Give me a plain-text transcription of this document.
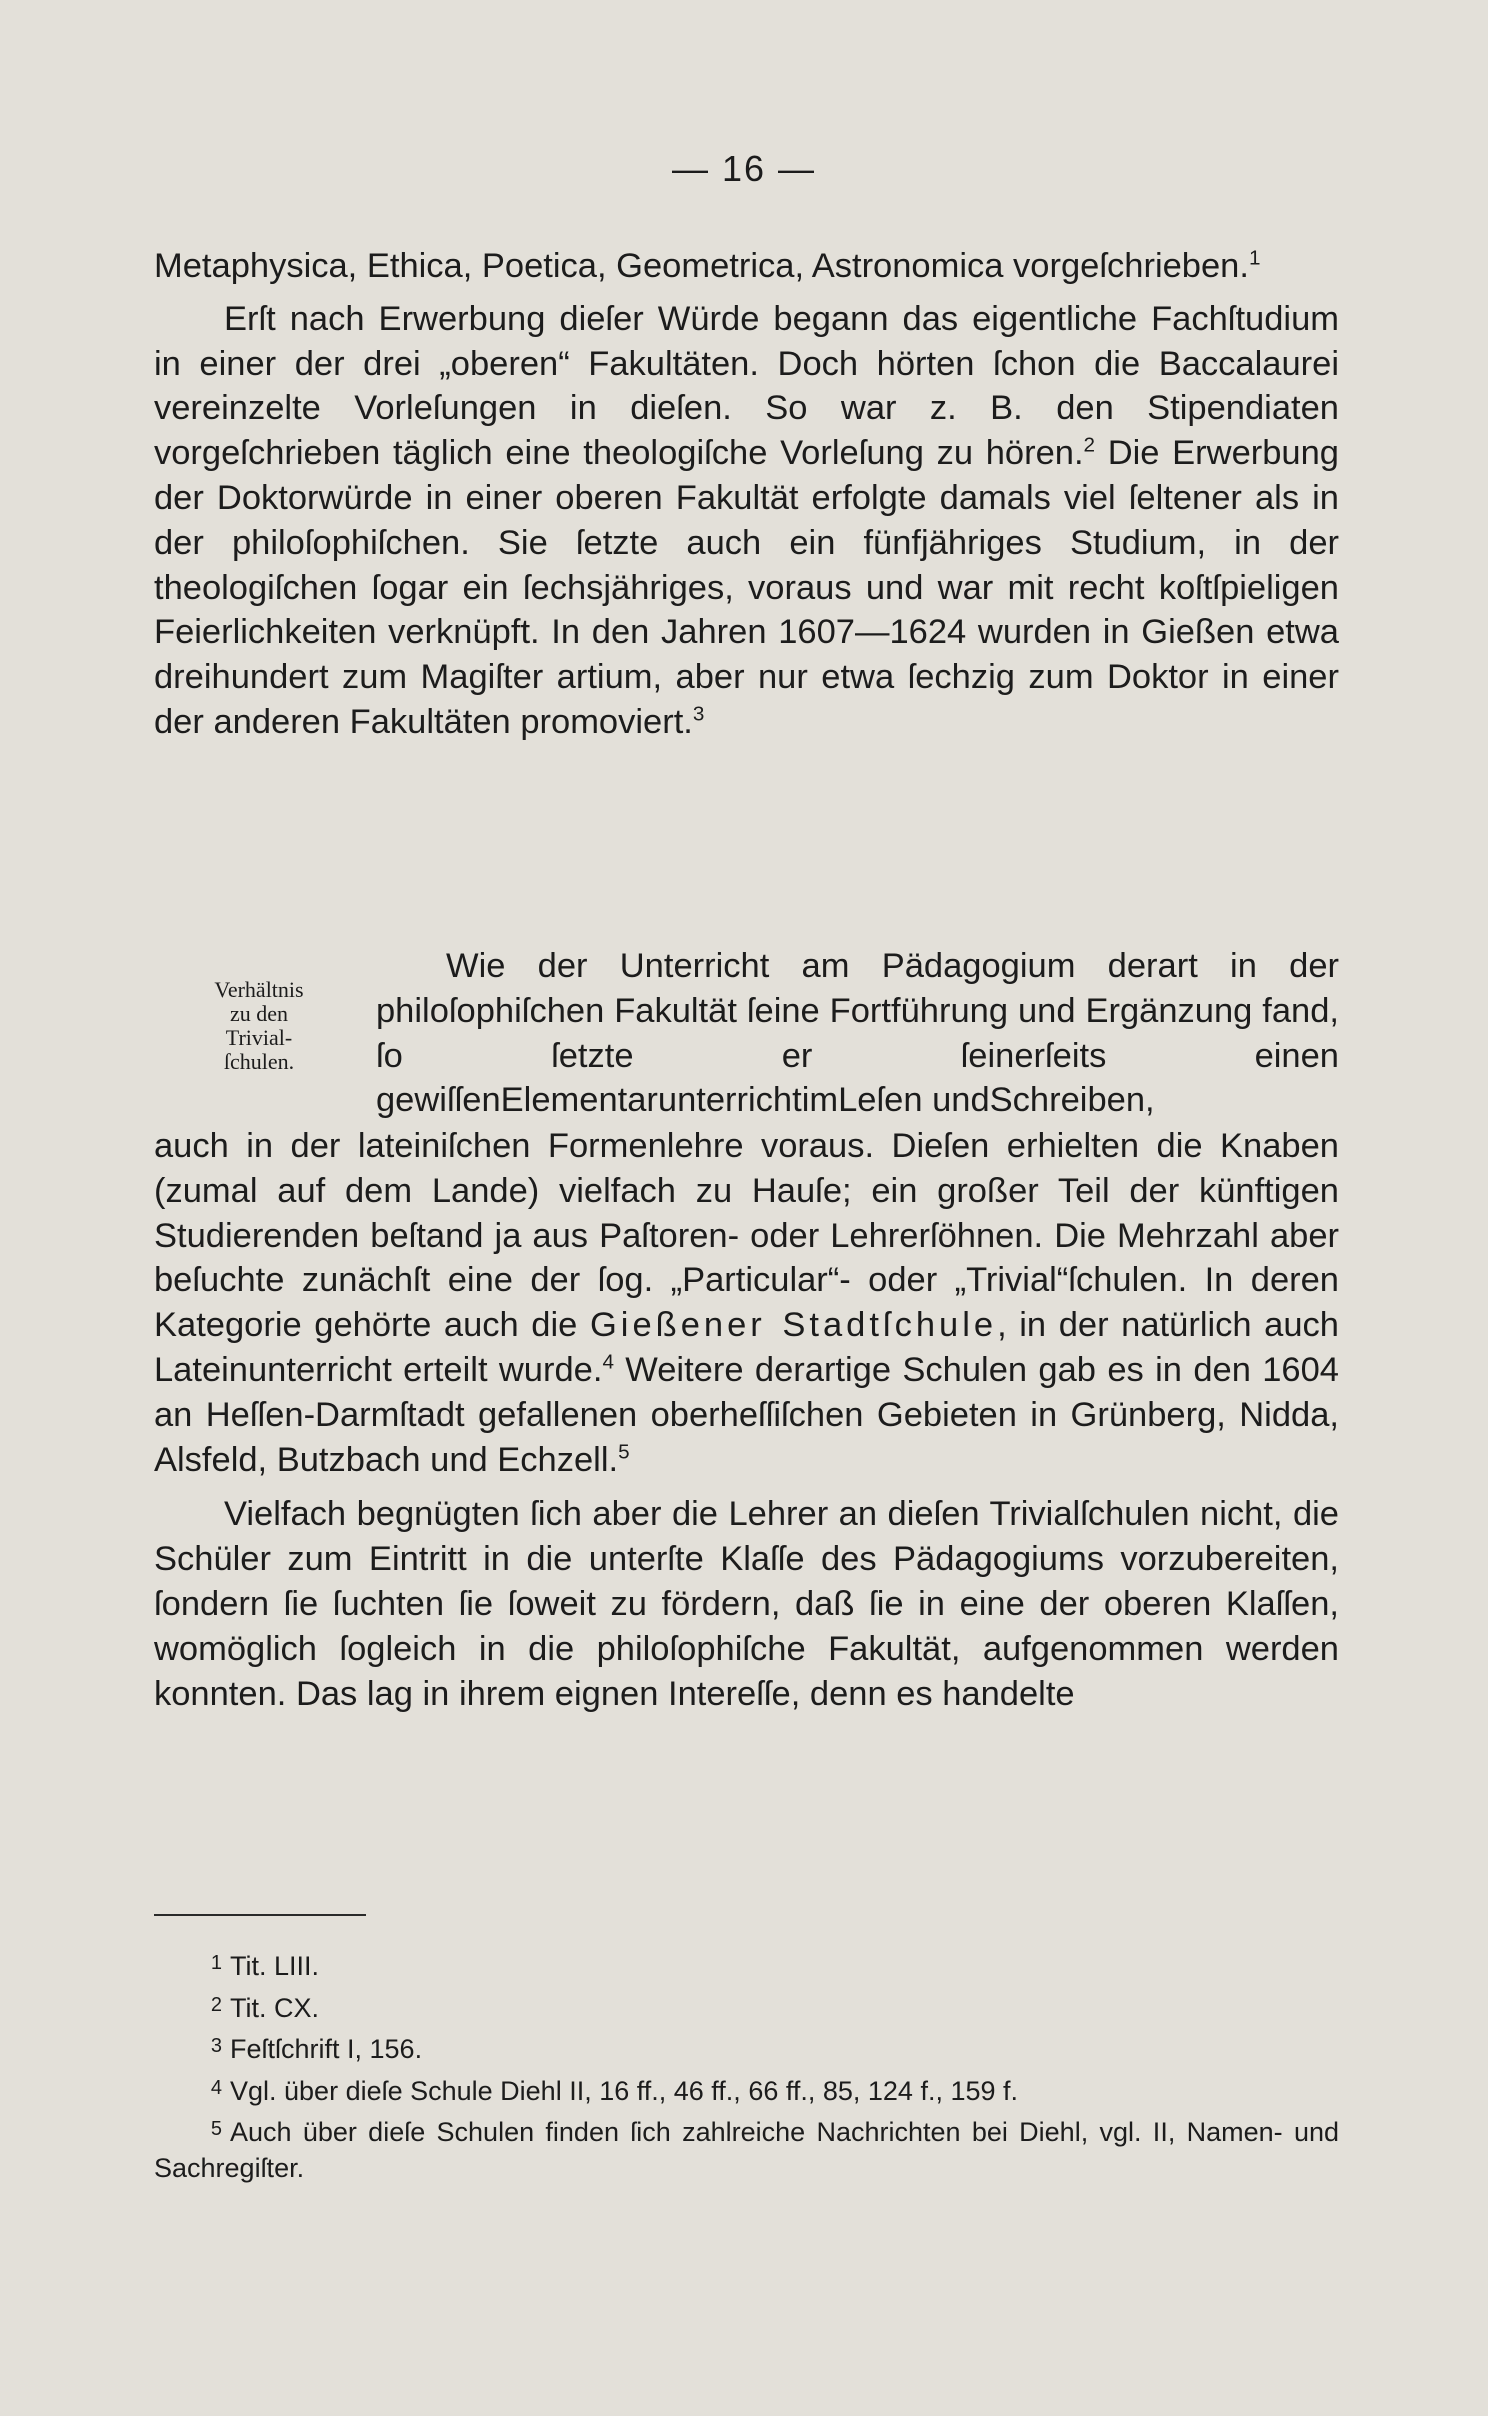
— 16 —

Metaphysica, Ethica, Poetica, Geometrica, Astronomica vorgeſchrieben.$^1$

Erſt nach Erwerbung dieſer Würde begann das eigentliche Fachſtudium in einer der drei „oberen“ Fakultäten. Doch hörten ſchon die Baccalaurei vereinzelte Vorleſungen in dieſen. So war z. B. den Stipendiaten vorgeſchrieben täglich eine theologiſche Vorleſung zu hören.$^2$ Die Erwerbung der Doktorwürde in einer oberen Fakultät erfolgte damals viel ſeltener als in der philoſophiſchen. Sie ſetzte auch ein fünfjähriges Studium, in der theologiſchen ſogar ein ſechsjähriges, voraus und war mit recht koſtſpieligen Feierlichkeiten verknüpft. In den Jahren 1607—1624 wurden in Gießen etwa dreihundert zum Magiſter artium, aber nur etwa ſechzig zum Doktor in einer der anderen Fakultäten promoviert.$^3$

Verhältnis
zu den
Trivial-
ſchulen.

Wie der Unterricht am Pädagogium derart in der philoſophiſchen Fakultät ſeine Fortführung und Ergänzung fand, ſo ſetzte er ſeinerſeits einen gewiſſenElementarunterrichtimLeſen undSchreiben,

auch in der lateiniſchen Formenlehre voraus. Dieſen erhielten die Knaben (zumal auf dem Lande) vielfach zu Hauſe; ein großer Teil der künftigen Studierenden beſtand ja aus Paſtoren- oder Lehrerſöhnen. Die Mehrzahl aber beſuchte zunächſt eine der ſog. „Particular“- oder „Trivial“ſchulen. In deren Kategorie gehörte auch die Gießener Stadtſchule, in der natürlich auch Lateinunterricht erteilt wurde.$^4$ Weitere derartige Schulen gab es in den 1604 an Heſſen-Darmſtadt gefallenen oberheſſiſchen Gebieten in Grünberg, Nidda, Alsfeld, Butzbach und Echzell.$^5$

Vielfach begnügten ſich aber die Lehrer an dieſen Trivialſchulen nicht, die Schüler zum Eintritt in die unterſte Klaſſe des Pädagogiums vorzubereiten, ſondern ſie ſuchten ſie ſoweit zu fördern, daß ſie in eine der oberen Klaſſen, womöglich ſogleich in die philoſophiſche Fakultät, aufgenommen werden konnten. Das lag in ihrem eignen Intereſſe, denn es handelte

1 Tit. LIII.

2 Tit. CX.

3 Feſtſchrift I, 156.

4 Vgl. über dieſe Schule Diehl II, 16 ff., 46 ff., 66 ff., 85, 124 f., 159 f.

5 Auch über dieſe Schulen finden ſich zahlreiche Nachrichten bei Diehl, vgl. II, Namen- und Sachregiſter.
